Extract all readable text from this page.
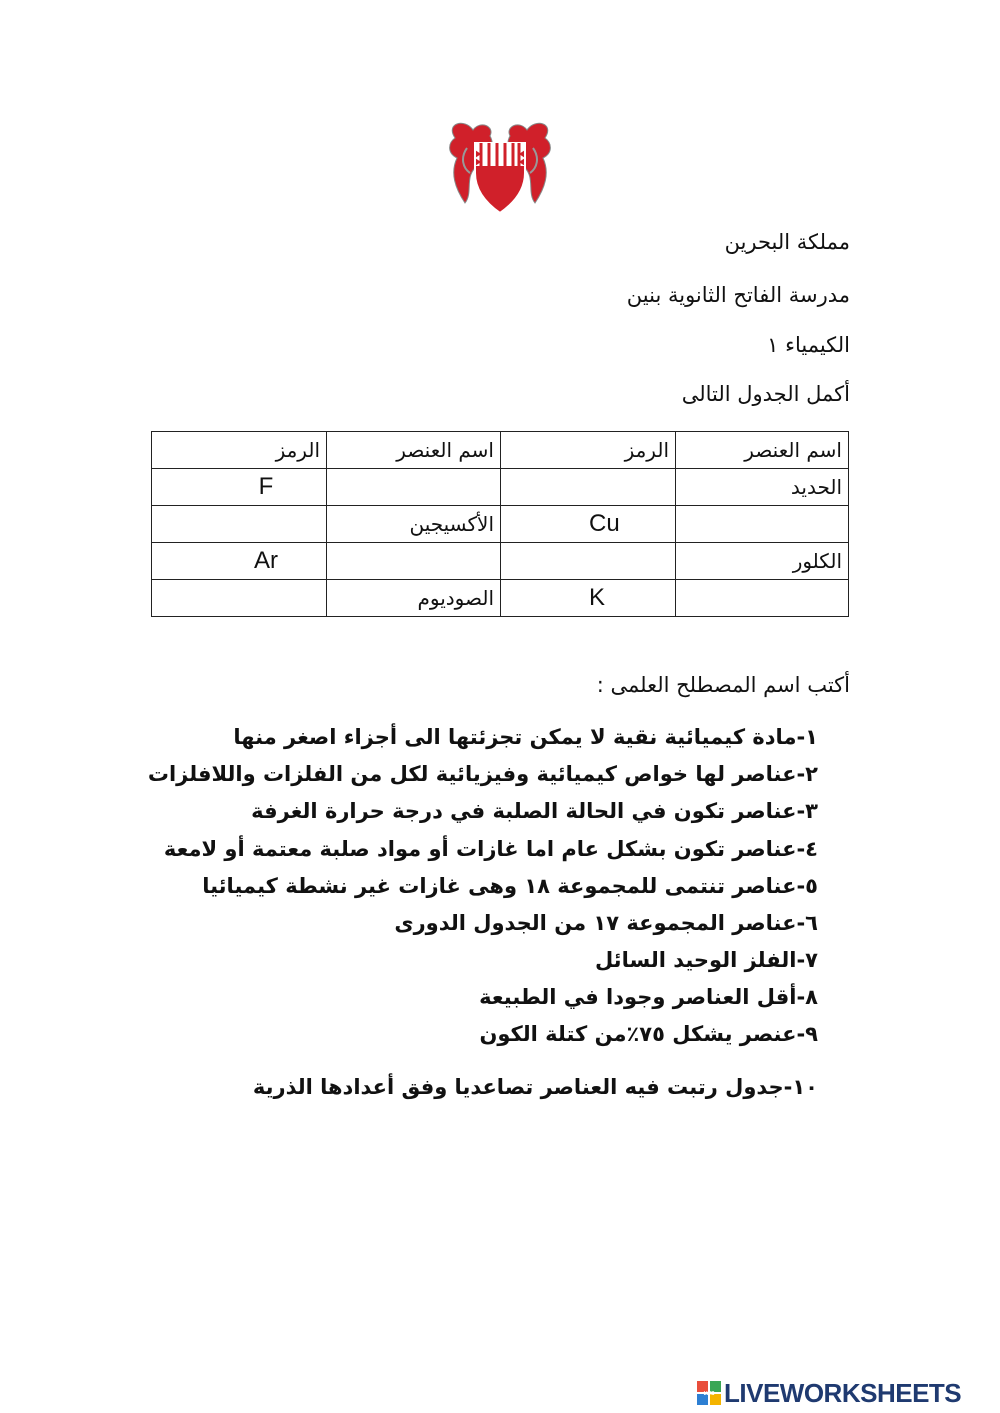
مملكة البحرين
مدرسة الفاتح الثانوية بنين
الكيمياء ١
أكمل الجدول التالى
اسم العنصر	الرمز	اسم العنصر	الرمز
الحديد			F
	Cu	الأكسيجين	
الكلور			Ar
	K	الصوديوم	
أكتب اسم المصطلح العلمى :
١-مادة كيميائية نقية لا يمكن تجزئتها الى أجزاء اصغر منها
٢-عناصر لها خواص كيميائية وفيزيائية لكل من الفلزات واللافلزات
٣-عناصر تكون في الحالة الصلبة في درجة حرارة الغرفة
٤-عناصر تكون بشكل عام اما غازات أو مواد صلبة معتمة أو لامعة
٥-عناصر تنتمى للمجموعة ١٨ وهى غازات غير نشطة كيميائيا
٦-عناصر المجموعة ١٧ من الجدول الدورى
٧-الفلز الوحيد السائل
٨-أقل العناصر وجودا في الطبيعة
٩-عنصر يشكل ٧٥٪من كتلة الكون
١٠-جدول رتبت فيه العناصر تصاعديا وفق أعدادها الذرية
LWS LIVEWORKSHEETS
